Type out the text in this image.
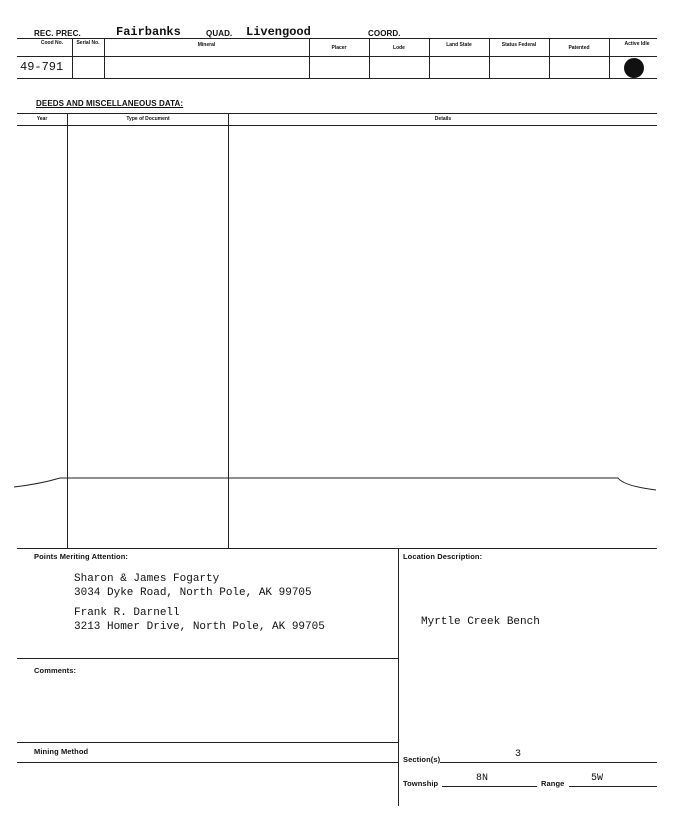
REC. PREC.	Fairbanks	QUAD. Livengood	COORD.
Cood No.	Serial No.	Mineral	Placer	Lode	Land State	Status Federal	Patented
Active Idle
49-791
DEEDS AND MISCELLANEOUS DATA:
Year	Type of Document	Details
Points Meriting Attention:
Sharon & James Fogarty
3034 Dyke Road, North Pole, AK 99705
Frank R. Darnell
3213 Homer Drive, North Pole, AK 99705
Comments:
Mining Method
Location Description:
Myrtle Creek Bench
Section(s)	3
Township	8N	Range	5W
